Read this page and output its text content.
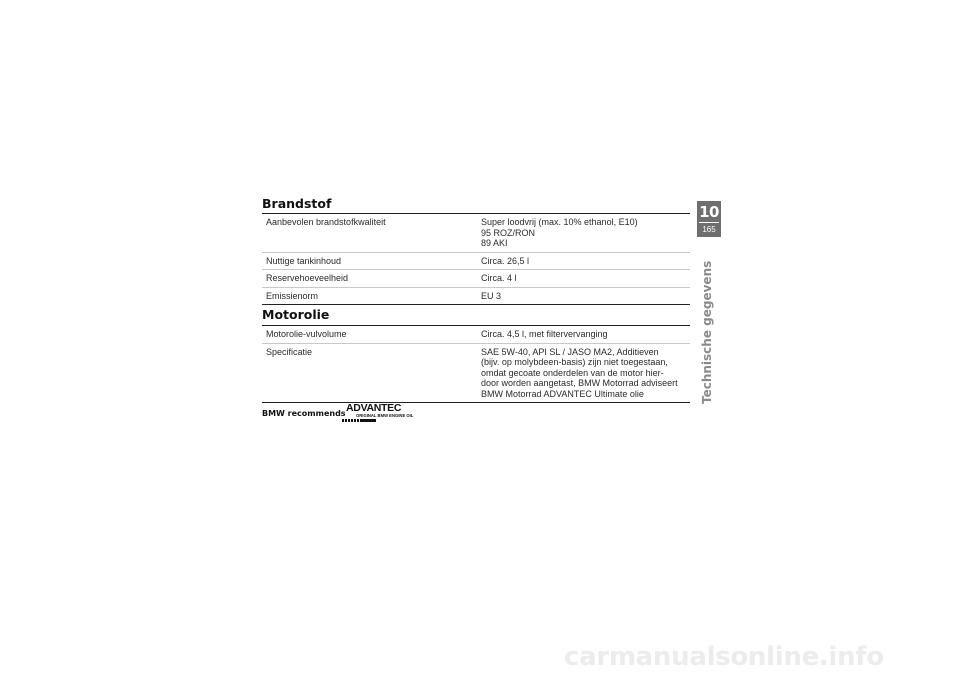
Brandstof
Aanbevolen brandstofkwaliteit	Super loodvrij (max. 10% ethanol, E10)
95 ROZ/RON
89 AKI
Nuttige tankinhoud	Circa. 26,5 l
Reservehoeveelheid	Circa. 4 l
Emissienorm	EU 3
Motorolie
Motorolie-vulvolume	Circa. 4,5 l, met filtervervanging
Specificatie	SAE 5W-40, API SL / JASO MA2, Additieven
(bijv. op molybdeen-basis) zijn niet toegestaan,
omdat gecoate onderdelen van de motor hier-
door worden aangetast, BMW Motorrad adviseert
BMW Motorrad ADVANTEC Ultimate olie
10
165
Technische gegevens
BMW recommends ADVANTEC
ORIGINAL BMW ENGINE OIL
carmanualsonline.info
